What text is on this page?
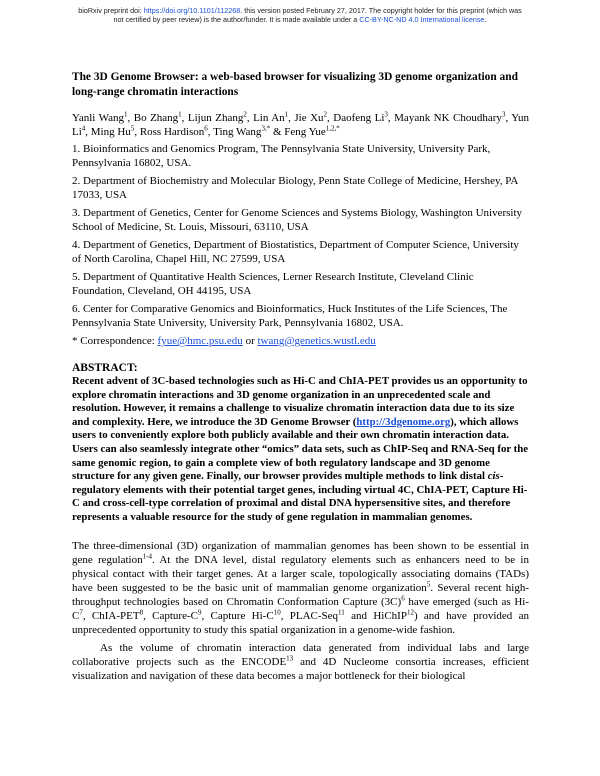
bioRxiv preprint doi: https://doi.org/10.1101/112268. this version posted February 27, 2017. The copyright holder for this preprint (which was
not certified by peer review) is the author/funder. It is made available under a CC-BY-NC-ND 4.0 International license.

The 3D Genome Browser: a web-based browser for visualizing 3D genome organization and long-range chromatin interactions

Yanli Wang$^1$, Bo Zhang$^1$, Lijun Zhang$^2$, Lin An$^1$, Jie Xu$^2$, Daofeng Li$^3$, Mayank NK Choudhary$^3$, Yun Li$^4$, Ming Hu$^5$, Ross Hardison$^6$, Ting Wang$^{3,*}$ & Feng Yue$^{1,2,*}$

1. Bioinformatics and Genomics Program, The Pennsylvania State University, University Park, Pennsylvania 16802, USA.

2. Department of Biochemistry and Molecular Biology, Penn State College of Medicine, Hershey, PA 17033, USA

3. Department of Genetics, Center for Genome Sciences and Systems Biology, Washington University School of Medicine, St. Louis, Missouri, 63110, USA

4. Department of Genetics, Department of Biostatistics, Department of Computer Science, University of North Carolina, Chapel Hill, NC 27599, USA

5. Department of Quantitative Health Sciences, Lerner Research Institute, Cleveland Clinic Foundation, Cleveland, OH 44195, USA

6. Center for Comparative Genomics and Bioinformatics, Huck Institutes of the Life Sciences, The Pennsylvania State University, University Park, Pennsylvania 16802, USA.

* Correspondence: fyue@hmc.psu.edu or twang@genetics.wustl.edu

ABSTRACT:

Recent advent of 3C-based technologies such as Hi-C and ChIA-PET provides us an opportunity to explore chromatin interactions and 3D genome organization in an unprecedented scale and resolution. However, it remains a challenge to visualize chromatin interaction data due to its size and complexity. Here, we introduce the 3D Genome Browser (http://3dgenome.org), which allows users to conveniently explore both publicly available and their own chromatin interaction data. Users can also seamlessly integrate other “omics” data sets, such as ChIP-Seq and RNA-Seq for the same genomic region, to gain a complete view of both regulatory landscape and 3D genome structure for any given gene. Finally, our browser provides multiple methods to link distal cis-regulatory elements with their potential target genes, including virtual 4C, ChIA-PET, Capture Hi-C and cross-cell-type correlation of proximal and distal DNA hypersensitive sites, and therefore represents a valuable resource for the study of gene regulation in mammalian genomes.

The three-dimensional (3D) organization of mammalian genomes has been shown to be essential in gene regulation$^{1-4}$. At the DNA level, distal regulatory elements such as enhancers need to be in physical contact with their target genes. At a larger scale, topologically associating domains (TADs) have been suggested to be the basic unit of mammalian genome organization$^5$. Several recent high-throughput technologies based on Chromatin Conformation Capture $(3C)^6$ have emerged (such as $Hi-C^7$, ChIA-PET$^8$, Capture-$C^9$, Capture $Hi-C^{10}$, PLAC-Seq$^{11}$ and HiChIP$^{12}$) and have provided an unprecedented opportunity to study this spatial organization in a genome-wide fashion.

As the volume of chromatin interaction data generated from individual labs and large collaborative projects such as the ENCODE$^{13}$ and 4D Nucleome consortia increases, efficient visualization and navigation of these data becomes a major bottleneck for their biological
